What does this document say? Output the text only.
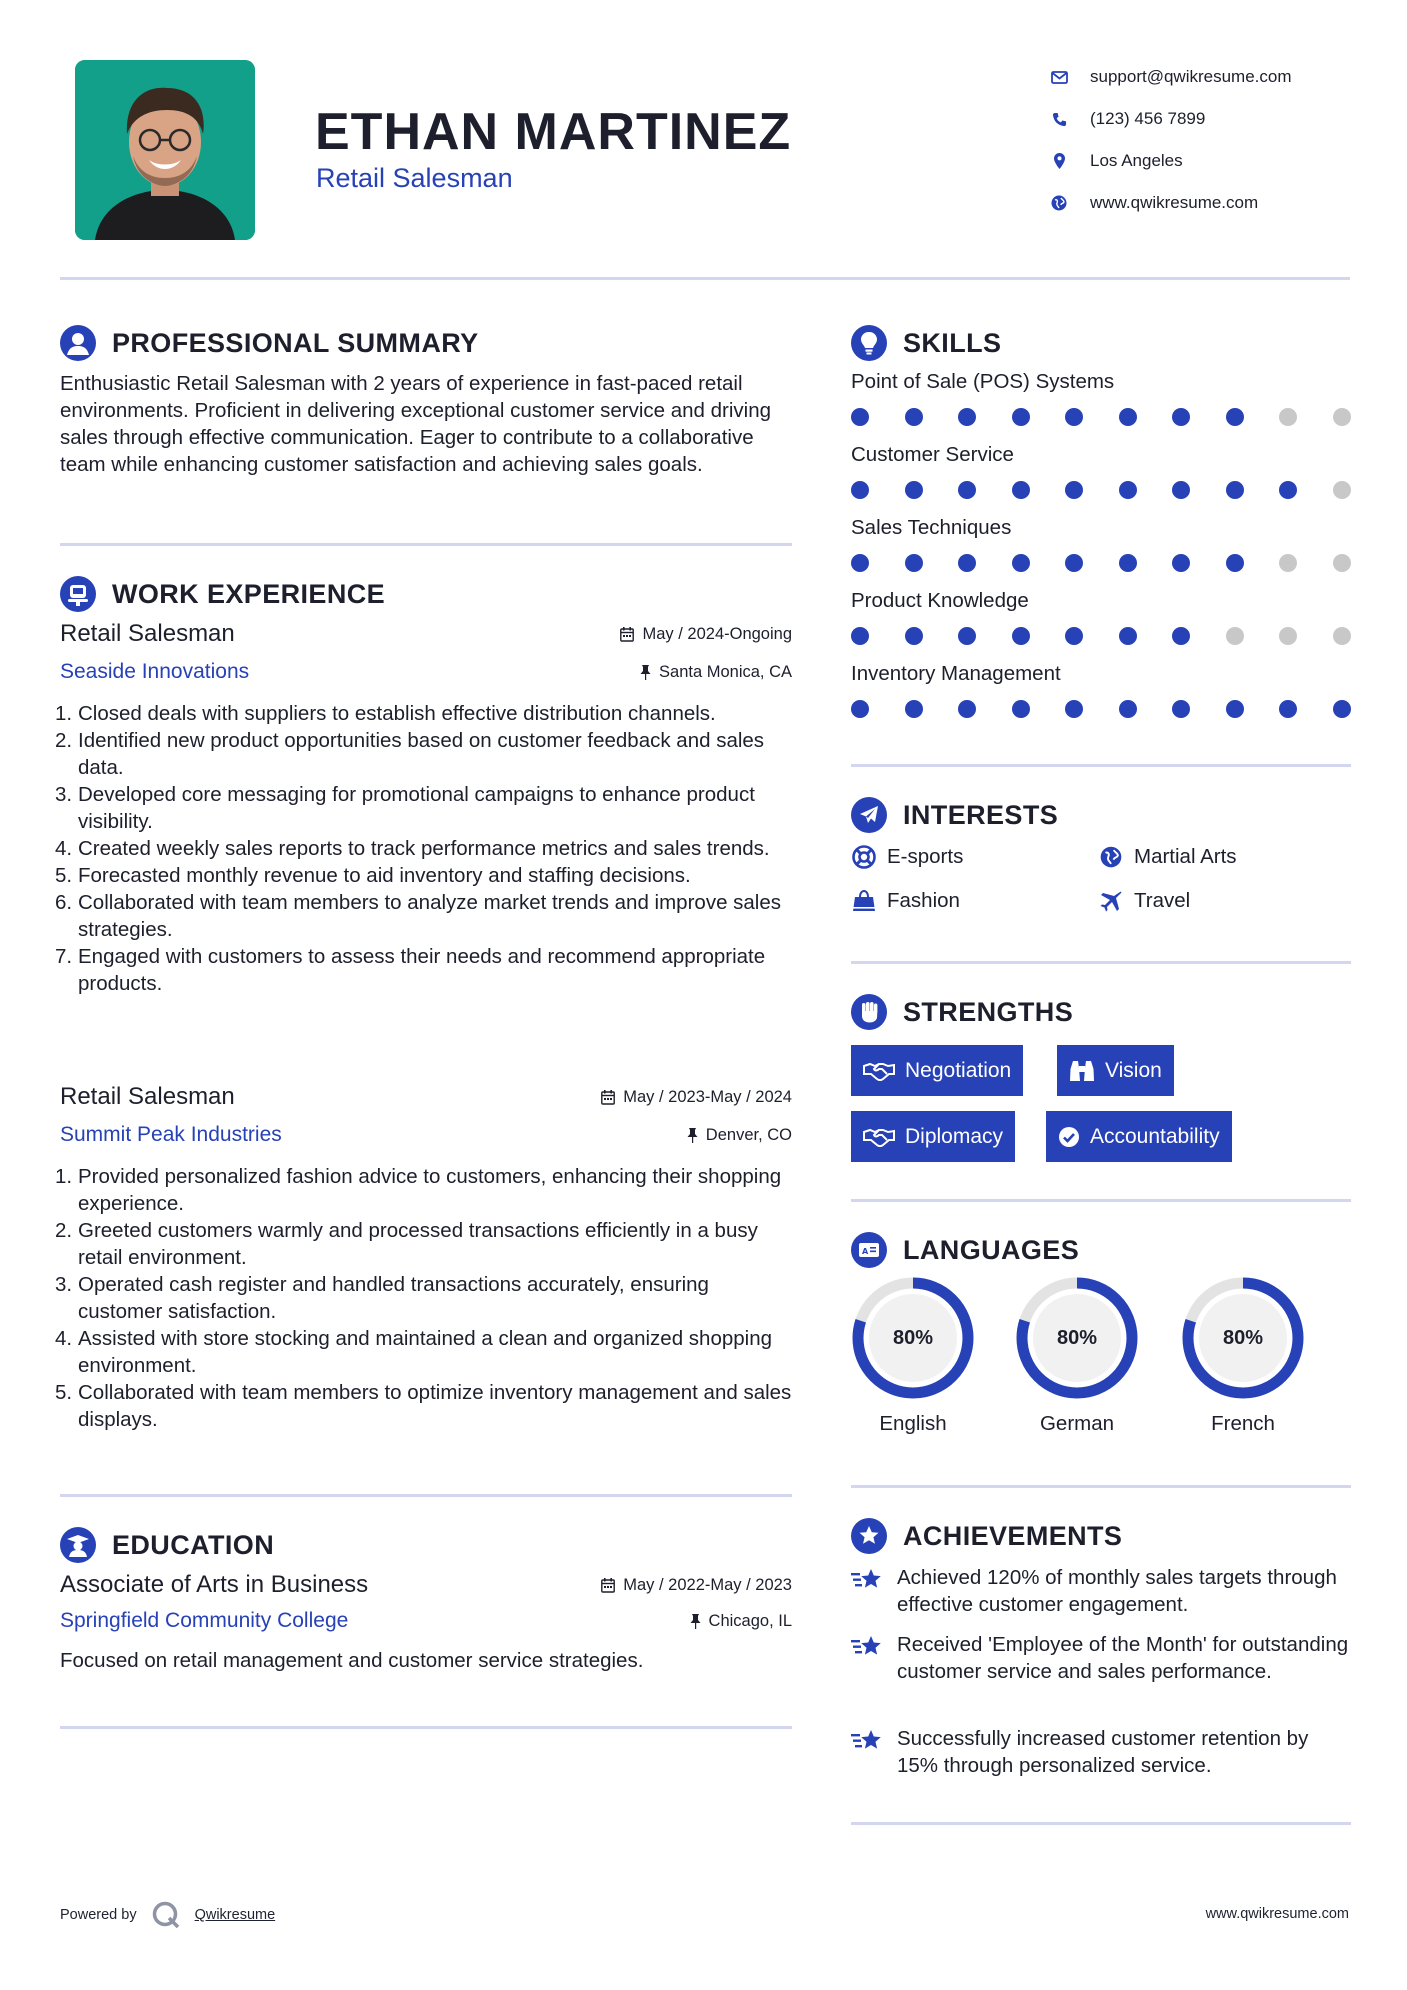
ETHAN MARTINEZ
Retail Salesman
support@qwikresume.com
(123) 456 7899
Los Angeles
www.qwikresume.com
PROFESSIONAL SUMMARY
Enthusiastic Retail Salesman with 2 years of experience in fast-paced retail environments. Proficient in delivering exceptional customer service and driving sales through effective communication. Eager to contribute to a collaborative team while enhancing customer satisfaction and achieving sales goals.
WORK EXPERIENCE
Retail Salesman	May / 2024-Ongoing
Seaside Innovations	Santa Monica, CA
1. Closed deals with suppliers to establish effective distribution channels.
2. Identified new product opportunities based on customer feedback and sales data.
3. Developed core messaging for promotional campaigns to enhance product visibility.
4. Created weekly sales reports to track performance metrics and sales trends.
5. Forecasted monthly revenue to aid inventory and staffing decisions.
6. Collaborated with team members to analyze market trends and improve sales strategies.
7. Engaged with customers to assess their needs and recommend appropriate products.
Retail Salesman	May / 2023-May / 2024
Summit Peak Industries	Denver, CO
1. Provided personalized fashion advice to customers, enhancing their shopping experience.
2. Greeted customers warmly and processed transactions efficiently in a busy retail environment.
3. Operated cash register and handled transactions accurately, ensuring customer satisfaction.
4. Assisted with store stocking and maintained a clean and organized shopping environment.
5. Collaborated with team members to optimize inventory management and sales displays.
EDUCATION
Associate of Arts in Business	May / 2022-May / 2023
Springfield Community College	Chicago, IL
Focused on retail management and customer service strategies.
SKILLS
Point of Sale (POS) Systems
Customer Service
Sales Techniques
Product Knowledge
Inventory Management
INTERESTS
E-sports	Martial Arts
Fashion	Travel
STRENGTHS
Negotiation	Vision
Diplomacy	Accountability
A LANGUAGES
80%
English
80%
German
80%
French
ACHIEVEMENTS
Achieved 120% of monthly sales targets through effective customer engagement.
Received 'Employee of the Month' for outstanding customer service and sales performance.
Successfully increased customer retention by 15% through personalized service.
Powered by	Qwikresume	www.qwikresume.com
